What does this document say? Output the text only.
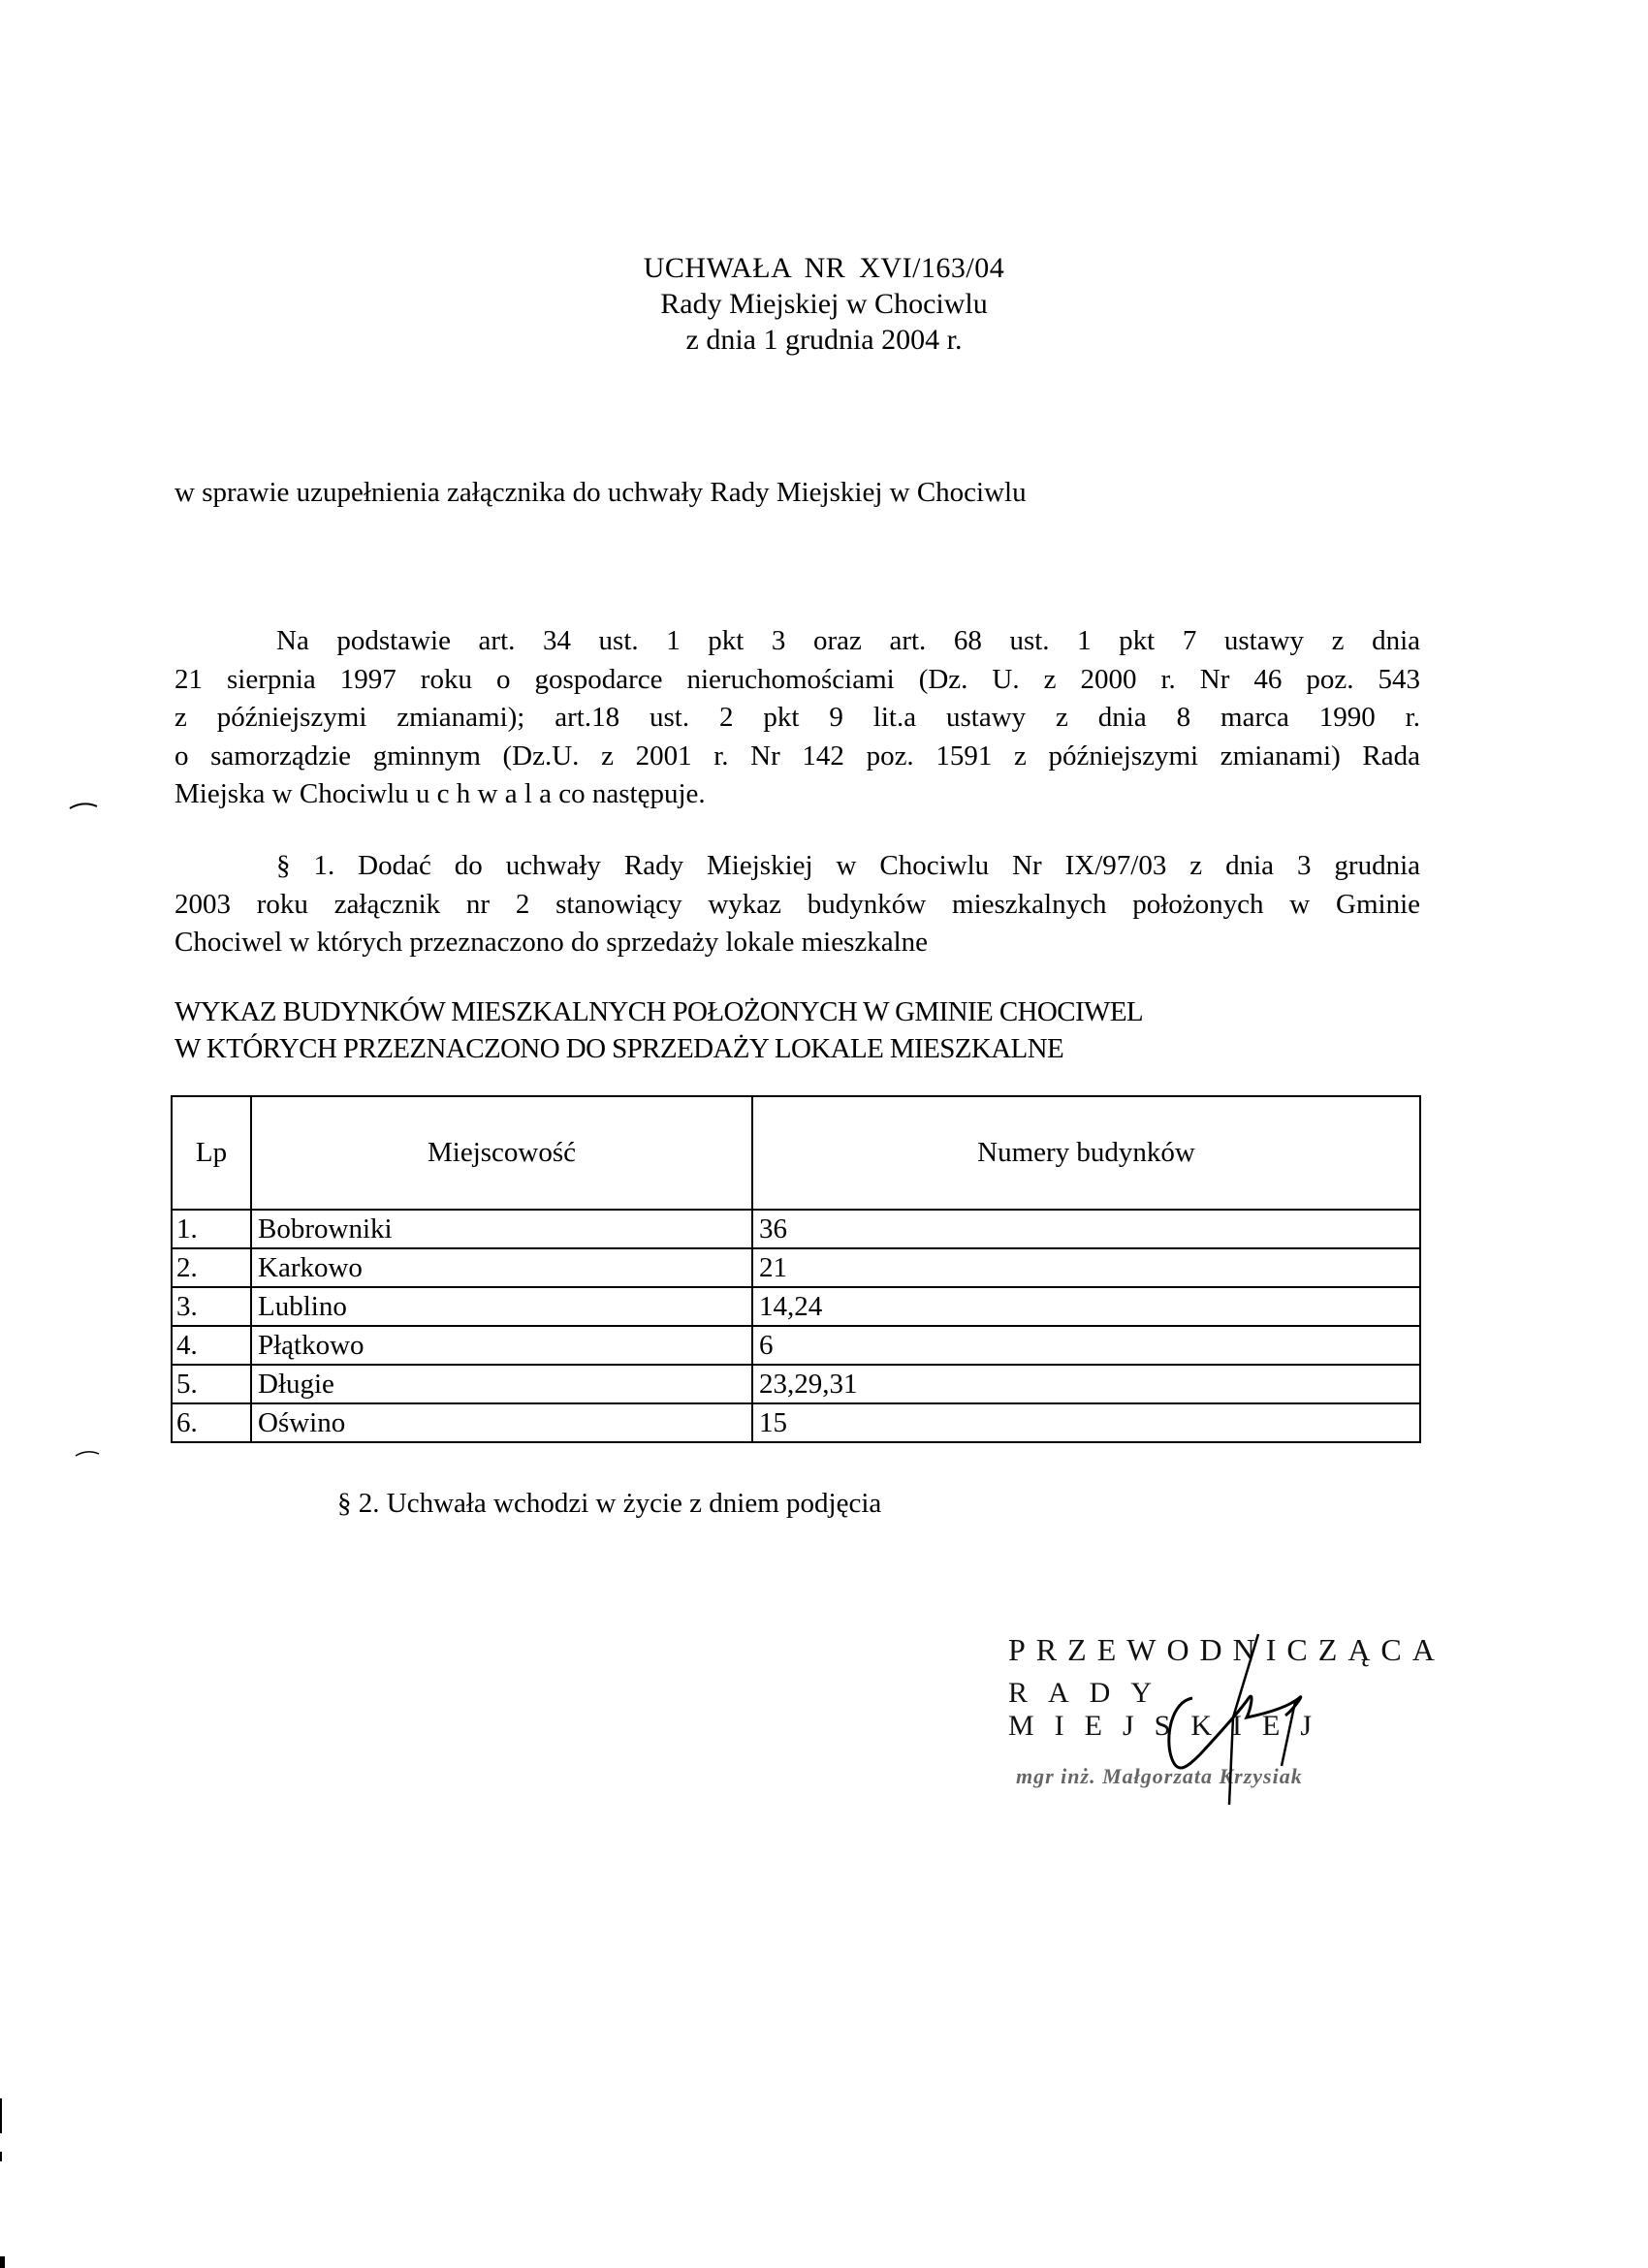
UCHWAŁA NR XVI/163/04
Rady Miejskiej w Chociwlu
z dnia 1 grudnia 2004 r.
w sprawie uzupełnienia załącznika do uchwały Rady Miejskiej w Chociwlu
Na podstawie art. 34 ust. 1 pkt 3 oraz art. 68 ust. 1 pkt 7 ustawy z dnia
21 sierpnia 1997 roku o gospodarce nieruchomościami (Dz. U. z 2000 r. Nr 46 poz. 543
z późniejszymi zmianami); art.18 ust. 2 pkt 9 lit.a ustawy z dnia 8 marca 1990 r.
o samorządzie gminnym (Dz.U. z 2001 r. Nr 142 poz. 1591 z późniejszymi zmianami) Rada
Miejska w Chociwlu u c h w a l a co następuje.
§ 1. Dodać do uchwały Rady Miejskiej w Chociwlu Nr IX/97/03 z dnia 3 grudnia
2003 roku załącznik nr 2 stanowiący wykaz budynków mieszkalnych położonych w Gminie
Chociwel w których przeznaczono do sprzedaży lokale mieszkalne
WYKAZ BUDYNKÓW MIESZKALNYCH POŁOŻONYCH W GMINIE CHOCIWEL
W KTÓRYCH PRZEZNACZONO DO SPRZEDAŻY LOKALE MIESZKALNE
Lp	Miejscowość	Numery budynków
1.	Bobrowniki	36
2.	Karkowo	21
3.	Lublino	14,24
4.	Płątkowo	6
5.	Długie	23,29,31
6.	Oświno	15
§ 2. Uchwała wchodzi w życie z dniem podjęcia
PRZEWODNICZĄCA
RADY MIEJSKIEJ
mgr inż. Małgorzata Krzysiak
